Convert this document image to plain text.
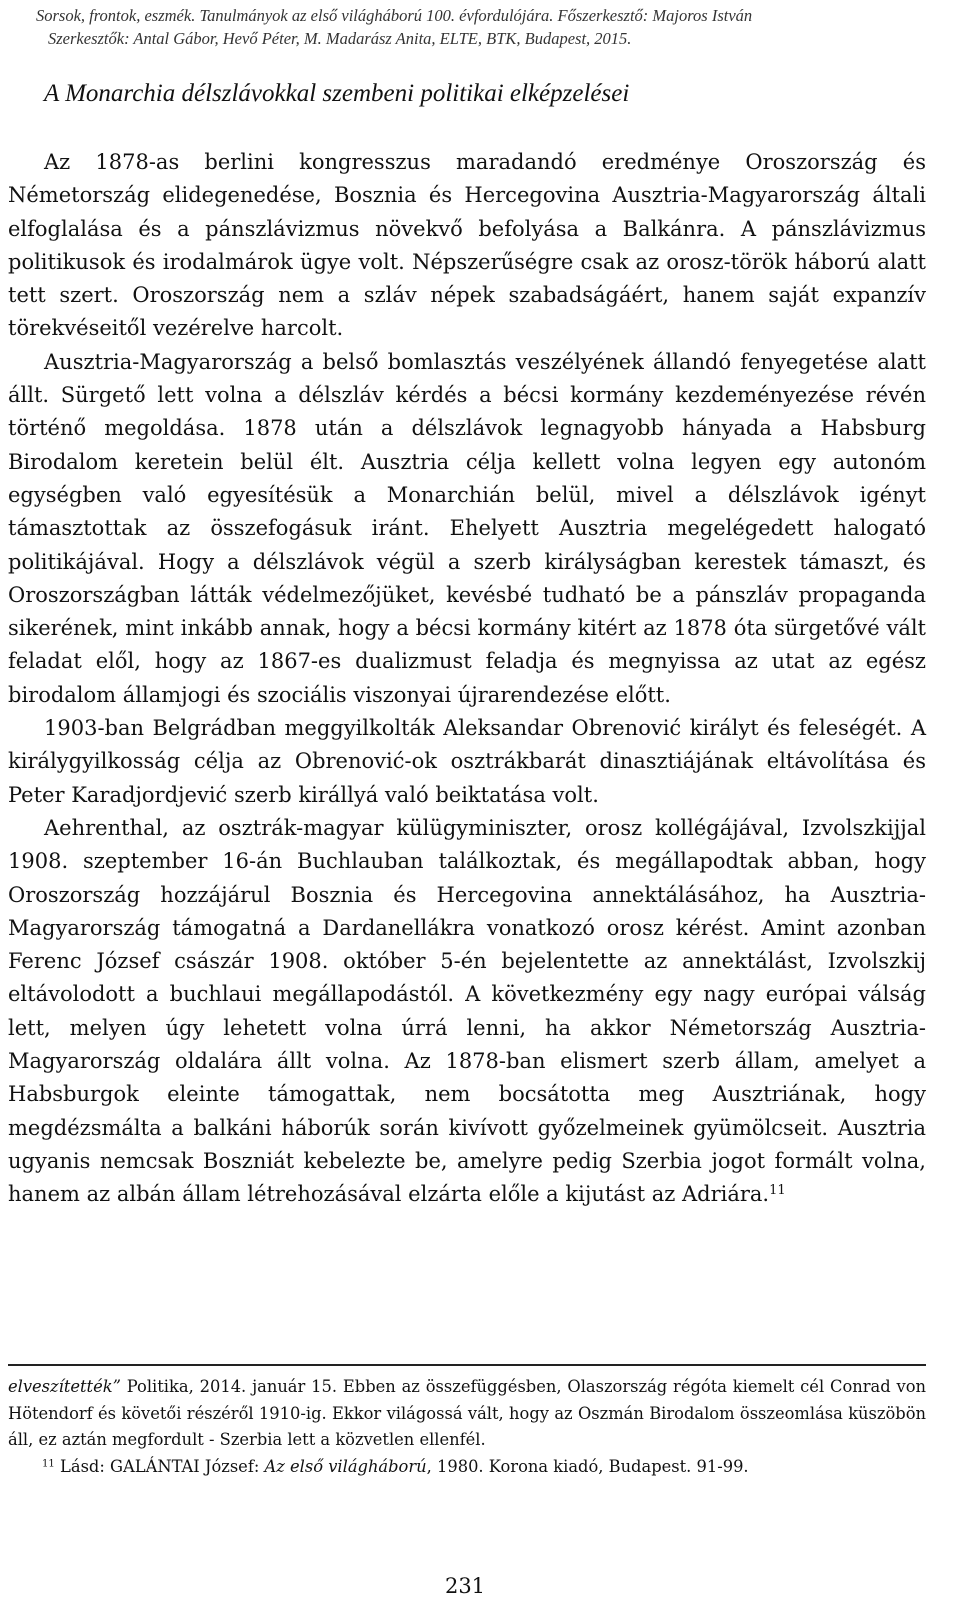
Sorsok, frontok, eszmék. Tanulmányok az első világháború 100. évfordulójára. Főszerkesztő: Majoros István
Szerkesztők: Antal Gábor, Hevő Péter, M. Madarász Anita, ELTE, BTK, Budapest, 2015.
A Monarchia délszlávokkal szembeni politikai elképzelései

Az 1878-as berlini kongresszus maradandó eredménye Oroszország és Németország elidegenedése, Bosznia és Hercegovina Ausztria-Magyarország általi elfoglalása és a pánszlávizmus növekvő befolyása a Balkánra. A pánszlávizmus politikusok és irodalmárok ügye volt. Népszerűségre csak az orosz-török háború alatt tett szert. Oroszország nem a szláv népek szabadságáért, hanem saját expanzív törekvéseitől vezérelve harcolt.

Ausztria-Magyarország a belső bomlasztás veszélyének állandó fenyegetése alatt állt. Sürgető lett volna a délszláv kérdés a bécsi kormány kezdeményezése révén történő megoldása. 1878 után a délszlávok legnagyobb hányada a Habsburg Birodalom keretein belül élt. Ausztria célja kellett volna legyen egy autonóm egységben való egyesítésük a Monarchián belül, mivel a délszlávok igényt támasztottak az összefogásuk iránt. Ehelyett Ausztria megelégedett halogató politikájával. Hogy a délszlávok végül a szerb királyságban kerestek támaszt, és Oroszországban látták védelmezőjüket, kevésbé tudható be a pánszláv propaganda sikerének, mint inkább annak, hogy a bécsi kormány kitért az 1878 óta sürgetővé vált feladat elől, hogy az 1867-es dualizmust feladja és megnyissa az utat az egész birodalom államjogi és szociális viszonyai újrarendezése előtt.

1903-ban Belgrádban meggyilkolták Aleksandar Obrenović királyt és feleségét. A királygyilkosság célja az Obrenović-ok osztrákbarát dinasztiájának eltávolítása és Peter Karadjordjević szerb királlyá való beiktatása volt.

Aehrenthal, az osztrák-magyar külügyminiszter, orosz kollégájával, Izvolszkijjal 1908. szeptember 16-án Buchlauban találkoztak, és megállapodtak abban, hogy Oroszország hozzájárul Bosznia és Hercegovina annektálásához, ha Ausztria-Magyarország támogatná a Dardanellákra vonatkozó orosz kérést. Amint azonban Ferenc József császár 1908. október 5-én bejelentette az annektálást, Izvolszkij eltávolodott a buchlaui megállapodástól. A következmény egy nagy európai válság lett, melyen úgy lehetett volna úrrá lenni, ha akkor Németország Ausztria-Magyarország oldalára állt volna. Az 1878-ban elismert szerb állam, amelyet a Habsburgok eleinte támogattak, nem bocsátotta meg Ausztriának, hogy megdézsmálta a balkáni háborúk során kivívott győzelmeinek gyümölcseit. Ausztria ugyanis nemcsak Boszniát kebelezte be, amelyre pedig Szerbia jogot formált volna, hanem az albán állam létrehozásával elzárta előle a kijutást az Adriára.$^{11}$

elveszítették” Politika, 2014. január 15. Ebben az összefüggésben, Olaszország régóta kiemelt cél Conrad von Hötendorf és követői részéről 1910-ig. Ekkor világossá vált, hogy az Oszmán Birodalom összeomlása küszöbön áll, ez aztán megfordult - Szerbia lett a közvetlen ellenfél.

$^{11}$ Lásd: GALÁNTAI József: Az első világháború, 1980. Korona kiadó, Budapest. 91-99.

231
